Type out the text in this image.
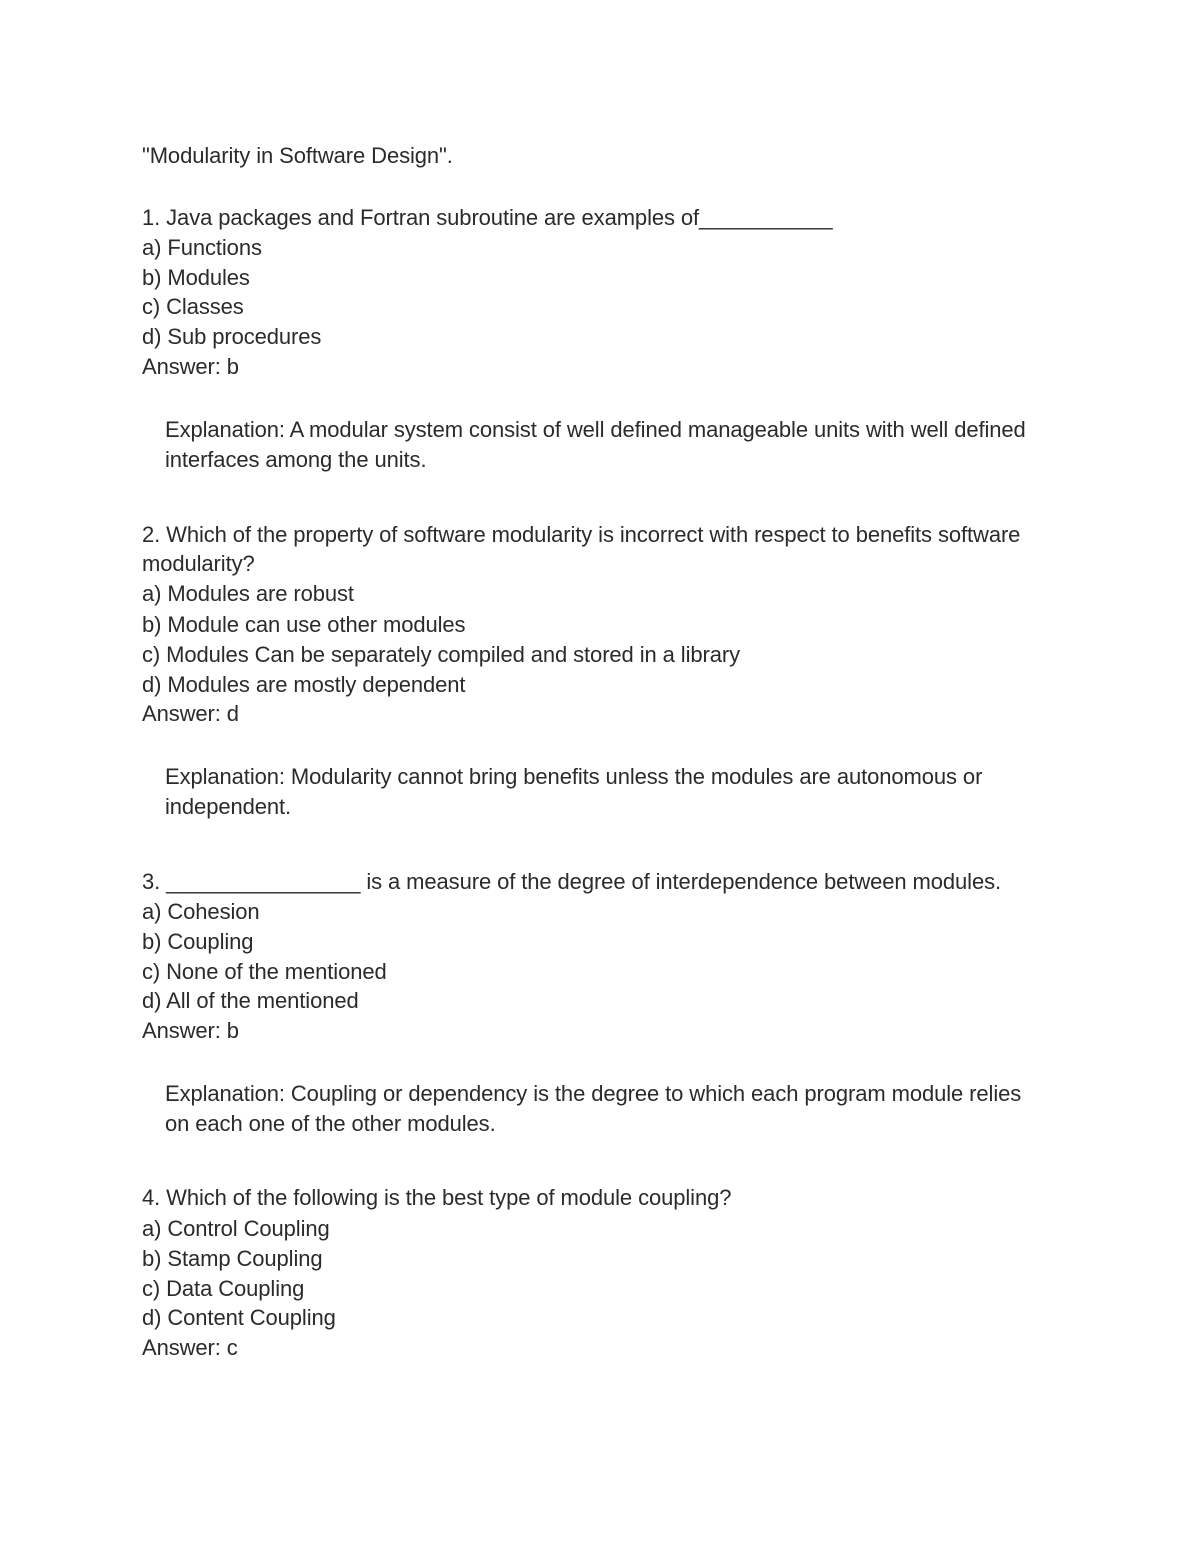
"Modularity in Software Design".
1. Java packages and Fortran subroutine are examples of___________
a) Functions
b) Modules
c) Classes
d) Sub procedures
Answer: b
Explanation: A modular system consist of well defined manageable units with well defined
interfaces among the units.
2. Which of the property of software modularity is incorrect with respect to benefits software
modularity?
a) Modules are robust
b) Module can use other modules
c) Modules Can be separately compiled and stored in a library
d) Modules are mostly dependent
Answer: d
Explanation: Modularity cannot bring benefits unless the modules are autonomous or
independent.
3. ________________ is a measure of the degree of interdependence between modules.
a) Cohesion
b) Coupling
c) None of the mentioned
d) All of the mentioned
Answer: b
Explanation: Coupling or dependency is the degree to which each program module relies
on each one of the other modules.
4. Which of the following is the best type of module coupling?
a) Control Coupling
b) Stamp Coupling
c) Data Coupling
d) Content Coupling
Answer: c
